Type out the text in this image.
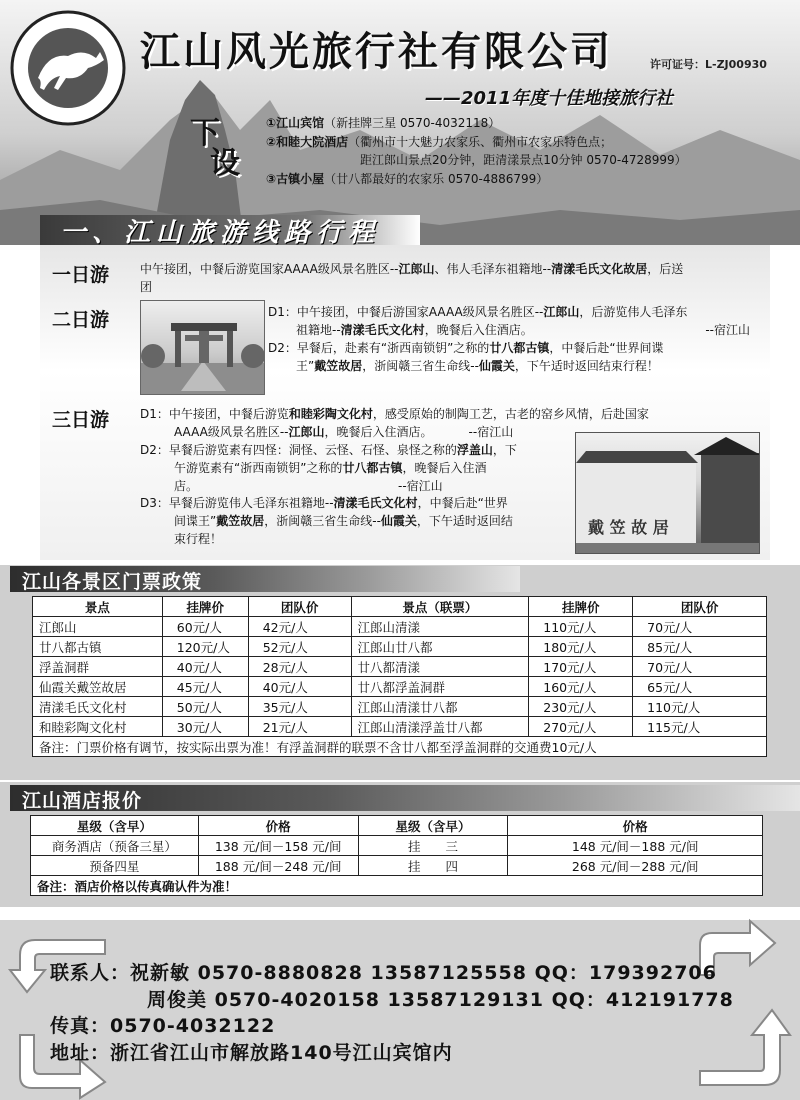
江山风光旅行社有限公司	许可证号：L-ZJ00930
——2011年度十佳地接旅行社
下
设
①江山宾馆（新挂牌三星 0570-4032118）
②和睦大院酒店（衢州市十大魅力农家乐、衢州市农家乐特色点；
距江郎山景点20分钟，距清漾景点10分钟 0570-4728999）
③古镇小屋（廿八都最好的农家乐 0570-4886799）
一、江山旅游线路行程
一日游	中午接团，中餐后游览国家AAAA级风景名胜区--江郎山、伟人毛泽东祖籍地--清漾毛氏文化故居，后送
团
二日游	D1：中午接团，中餐后游国家AAAA级风景名胜区--江郎山，后游览伟人毛泽东
祖籍地--清漾毛氏文化村，晚餐后入住酒店。	--宿江山
D2：早餐后，赴素有“浙西南锁钥”之称的廿八都古镇，中餐后赴“世界间谍
王”戴笠故居，浙闽赣三省生命线--仙霞关，下午适时返回结束行程！
三日游	D1：中午接团，中餐后游览和睦彩陶文化村，感受原始的制陶工艺，古老的窑乡风情，后赴国家
AAAA级风景名胜区--江郎山，晚餐后入住酒店。	--宿江山
D2：早餐后游览素有四怪：洞怪、云怪、石怪、泉怪之称的浮盖山，下
午游览素有“浙西南锁钥”之称的廿八都古镇，晚餐后入住酒
店。	--宿江山
D3：早餐后游览伟人毛泽东祖籍地--清漾毛氏文化村，中餐后赴“世界
间谍王”戴笠故居，浙闽赣三省生命线--仙霞关，下午适时返回结
束行程！
戴 笠 故 居
江山各景区门票政策
景点	挂牌价	团队价	景点（联票）	挂牌价	团队价
江郎山	60元/人	42元/人	江郎山清漾	110元/人	70元/人
廿八都古镇	120元/人	52元/人	江郎山廿八都	180元/人	85元/人
浮盖洞群	40元/人	28元/人	廿八都清漾	170元/人	70元/人
仙霞关戴笠故居	45元/人	40元/人	廿八都浮盖洞群	160元/人	65元/人
清漾毛氏文化村	50元/人	35元/人	江郎山清漾廿八都	230元/人	110元/人
和睦彩陶文化村	30元/人	21元/人	江郎山清漾浮盖廿八都	270元/人	115元/人
备注：门票价格有调节，按实际出票为准！有浮盖洞群的联票不含廿八都至浮盖洞群的交通费10元/人					
江山酒店报价
星级（含早）	价格	星级（含早）	价格
商务酒店（预备三星）	138 元/间－158 元/间	挂　　三	148 元/间－188 元/间
预备四星	188 元/间－248 元/间	挂　　四	268 元/间－288 元/间
备注：酒店价格以传真确认件为准！			
联系人：祝新敏 0570-8880828 13587125558 QQ：179392706
周俊美 0570-4020158 13587129131 QQ：412191778
传真：0570-4032122
地址：浙江省江山市解放路140号江山宾馆内
